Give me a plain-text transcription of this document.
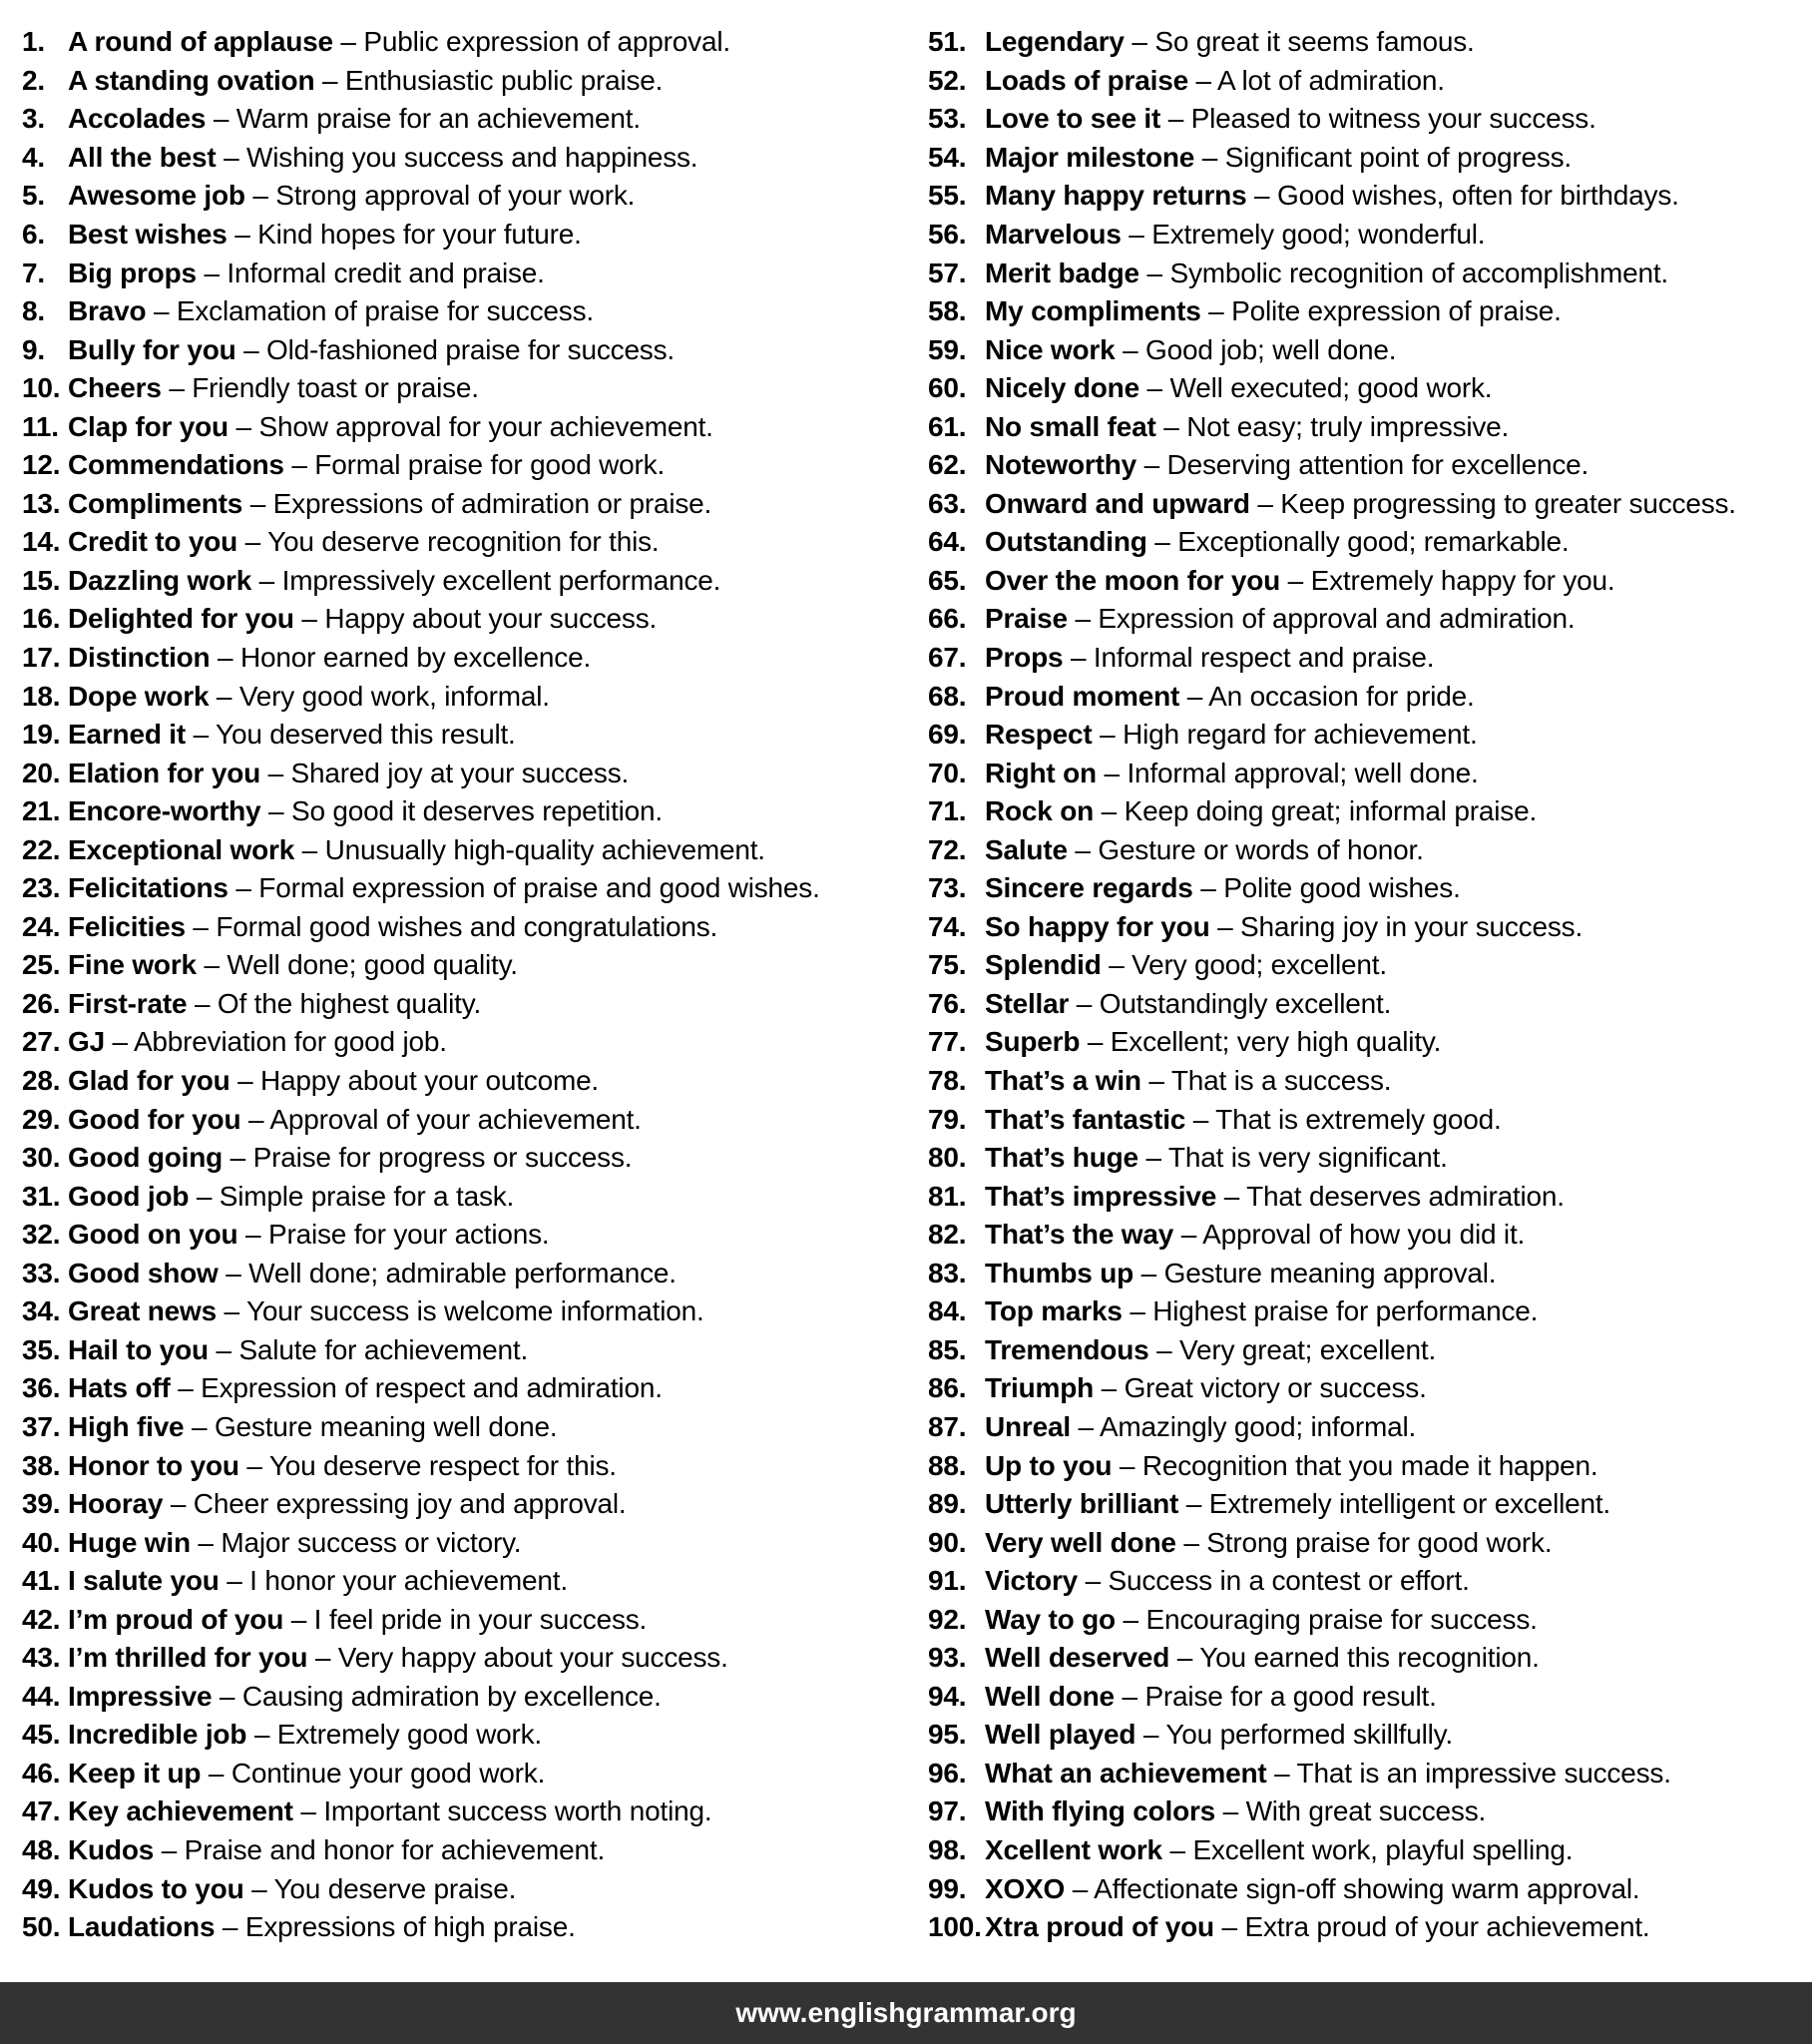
1. A round of applause – Public expression of approval.
2. A standing ovation – Enthusiastic public praise.
3. Accolades – Warm praise for an achievement.
4. All the best – Wishing you success and happiness.
5. Awesome job – Strong approval of your work.
6. Best wishes – Kind hopes for your future.
7. Big props – Informal credit and praise.
8. Bravo – Exclamation of praise for success.
9. Bully for you – Old-fashioned praise for success.
10. Cheers – Friendly toast or praise.
11. Clap for you – Show approval for your achievement.
12. Commendations – Formal praise for good work.
13. Compliments – Expressions of admiration or praise.
14. Credit to you – You deserve recognition for this.
15. Dazzling work – Impressively excellent performance.
16. Delighted for you – Happy about your success.
17. Distinction – Honor earned by excellence.
18. Dope work – Very good work, informal.
19. Earned it – You deserved this result.
20. Elation for you – Shared joy at your success.
21. Encore-worthy – So good it deserves repetition.
22. Exceptional work – Unusually high-quality achievement.
23. Felicitations – Formal expression of praise and good wishes.
24. Felicities – Formal good wishes and congratulations.
25. Fine work – Well done; good quality.
26. First-rate – Of the highest quality.
27. GJ – Abbreviation for good job.
28. Glad for you – Happy about your outcome.
29. Good for you – Approval of your achievement.
30. Good going – Praise for progress or success.
31. Good job – Simple praise for a task.
32. Good on you – Praise for your actions.
33. Good show – Well done; admirable performance.
34. Great news – Your success is welcome information.
35. Hail to you – Salute for achievement.
36. Hats off – Expression of respect and admiration.
37. High five – Gesture meaning well done.
38. Honor to you – You deserve respect for this.
39. Hooray – Cheer expressing joy and approval.
40. Huge win – Major success or victory.
41. I salute you – I honor your achievement.
42. I’m proud of you – I feel pride in your success.
43. I’m thrilled for you – Very happy about your success.
44. Impressive – Causing admiration by excellence.
45. Incredible job – Extremely good work.
46. Keep it up – Continue your good work.
47. Key achievement – Important success worth noting.
48. Kudos – Praise and honor for achievement.
49. Kudos to you – You deserve praise.
50. Laudations – Expressions of high praise.
51. Legendary – So great it seems famous.
52. Loads of praise – A lot of admiration.
53. Love to see it – Pleased to witness your success.
54. Major milestone – Significant point of progress.
55. Many happy returns – Good wishes, often for birthdays.
56. Marvelous – Extremely good; wonderful.
57. Merit badge – Symbolic recognition of accomplishment.
58. My compliments – Polite expression of praise.
59. Nice work – Good job; well done.
60. Nicely done – Well executed; good work.
61. No small feat – Not easy; truly impressive.
62. Noteworthy – Deserving attention for excellence.
63. Onward and upward – Keep progressing to greater success.
64. Outstanding – Exceptionally good; remarkable.
65. Over the moon for you – Extremely happy for you.
66. Praise – Expression of approval and admiration.
67. Props – Informal respect and praise.
68. Proud moment – An occasion for pride.
69. Respect – High regard for achievement.
70. Right on – Informal approval; well done.
71. Rock on – Keep doing great; informal praise.
72. Salute – Gesture or words of honor.
73. Sincere regards – Polite good wishes.
74. So happy for you – Sharing joy in your success.
75. Splendid – Very good; excellent.
76. Stellar – Outstandingly excellent.
77. Superb – Excellent; very high quality.
78. That’s a win – That is a success.
79. That’s fantastic – That is extremely good.
80. That’s huge – That is very significant.
81. That’s impressive – That deserves admiration.
82. That’s the way – Approval of how you did it.
83. Thumbs up – Gesture meaning approval.
84. Top marks – Highest praise for performance.
85. Tremendous – Very great; excellent.
86. Triumph – Great victory or success.
87. Unreal – Amazingly good; informal.
88. Up to you – Recognition that you made it happen.
89. Utterly brilliant – Extremely intelligent or excellent.
90. Very well done – Strong praise for good work.
91. Victory – Success in a contest or effort.
92. Way to go – Encouraging praise for success.
93. Well deserved – You earned this recognition.
94. Well done – Praise for a good result.
95. Well played – You performed skillfully.
96. What an achievement – That is an impressive success.
97. With flying colors – With great success.
98. Xcellent work – Excellent work, playful spelling.
99. XOXO – Affectionate sign-off showing warm approval.
100. Xtra proud of you – Extra proud of your achievement.
www.englishgrammar.org
